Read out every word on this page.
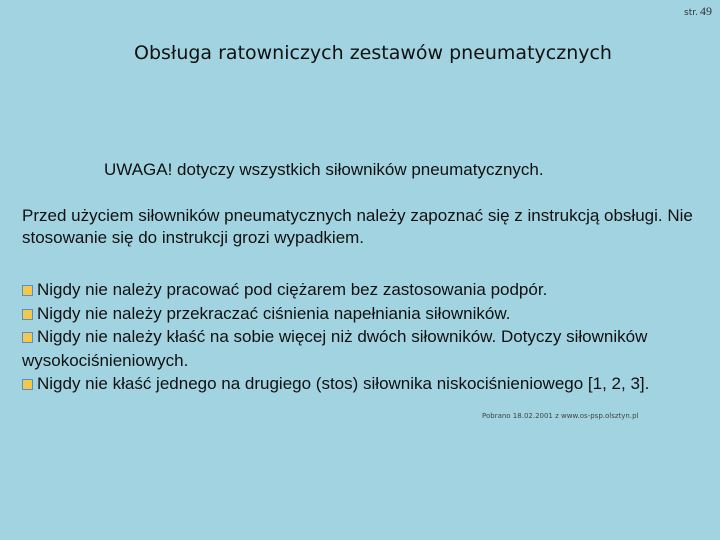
str. 49
Obsługa ratowniczych zestawów pneumatycznych
UWAGA! dotyczy wszystkich siłowników pneumatycznych.
Przed użyciem siłowników pneumatycznych należy zapoznać się z instrukcją obsługi. Nie stosowanie się do instrukcji grozi wypadkiem.
Nigdy nie należy pracować pod ciężarem bez zastosowania podpór.
Nigdy nie należy przekraczać ciśnienia napełniania siłowników.
Nigdy nie należy kłaść na sobie więcej niż dwóch siłowników. Dotyczy siłowników wysokociśnieniowych.
Nigdy nie kłaść jednego na drugiego (stos) siłownika niskociśnieniowego [1, 2, 3].
Pobrano 18.02.2001 z www.os-psp.olsztyn.pl
